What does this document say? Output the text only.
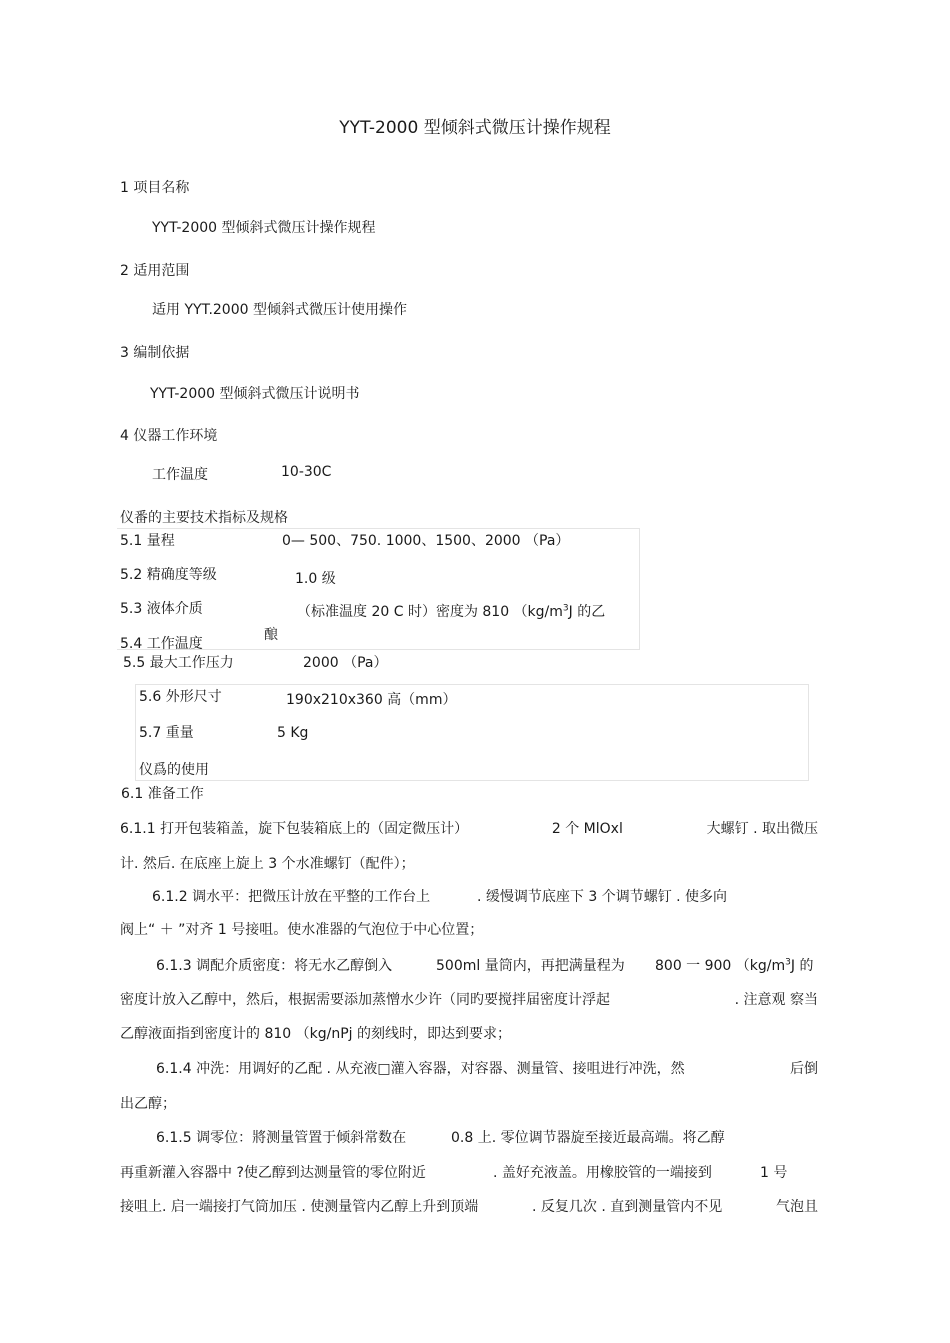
YYT-2000 型倾斜式微压计操作规程
1 项目名称
YYT-2000 型倾斜式微压计操作规程
2 适用范围
适用 YYT.2000 型倾斜式微压计使用操作
3 编制依据
YYT-2000 型倾斜式微压计说明书
4 仪器工作环境
工作温度	10-30C
仪番的主要技术指标及规格
5.1 量程	0— 500、750. 1000、1500、2000 （Pa）
5.2 精确度等级	1.0 级
5.3 液体介质	（标准温度 20 C 时）密度为 810 （$kg/m^3J$ 的乙
酿
5.4 工作温度
5.5 最大工作压力	2000 （Pa）
5.6 外形尺寸	190x210x360 高（mm）
5.7 重量	5 Kg
仪爲的使用
6.1 准备工作
6.1.1 打开包装箱盖，旋下包装箱底上的（固定微压计）	2 个 MlOxl	大螺钉 . 取出微压
计. 然后. 在底座上旋上 3 个水准螺钉（配件）；
6.1.2 调水平：把微压计放在平整的工作台上	. 缓慢调节底座下 3 个调节螺钉 . 使多向
阀上“ ＋ ”对齐 1 号接咀。使水准器的气泡位于中心位置；
6.1.3 调配介质密度：将无水乙醇倒入	500ml 量筒内，再把满量程为 800 一 900 （$kg/m^3J$ 的
密度计放入乙醇中，然后，根据需要添加蒸憎水少许（同旳要搅拌届密度计浮起	. 注意观 察当
乙醇液面指到密度计的 810 （kg/nPj 的刻线时，即达到要求；
6.1.4 冲洗：用调好的乙配 . 从充液□灌入容器，对容器、测量管、接咀进行冲洗，然	后倒
出乙醇；
6.1.5 调零位：將测量管置于倾斜常数在	0.8 上. 零位调节器旋至接近最高端。将乙醇
再重新灌入容器中 ?使乙醇到达测量管的零位附近	. 盖好充液盖。用橡胶管的一端接到	1 号
接咀上. 启一端接打气筒加压 . 使测量管内乙醇上升到顶端	. 反复几次 . 直到测量管内不见	气泡且
